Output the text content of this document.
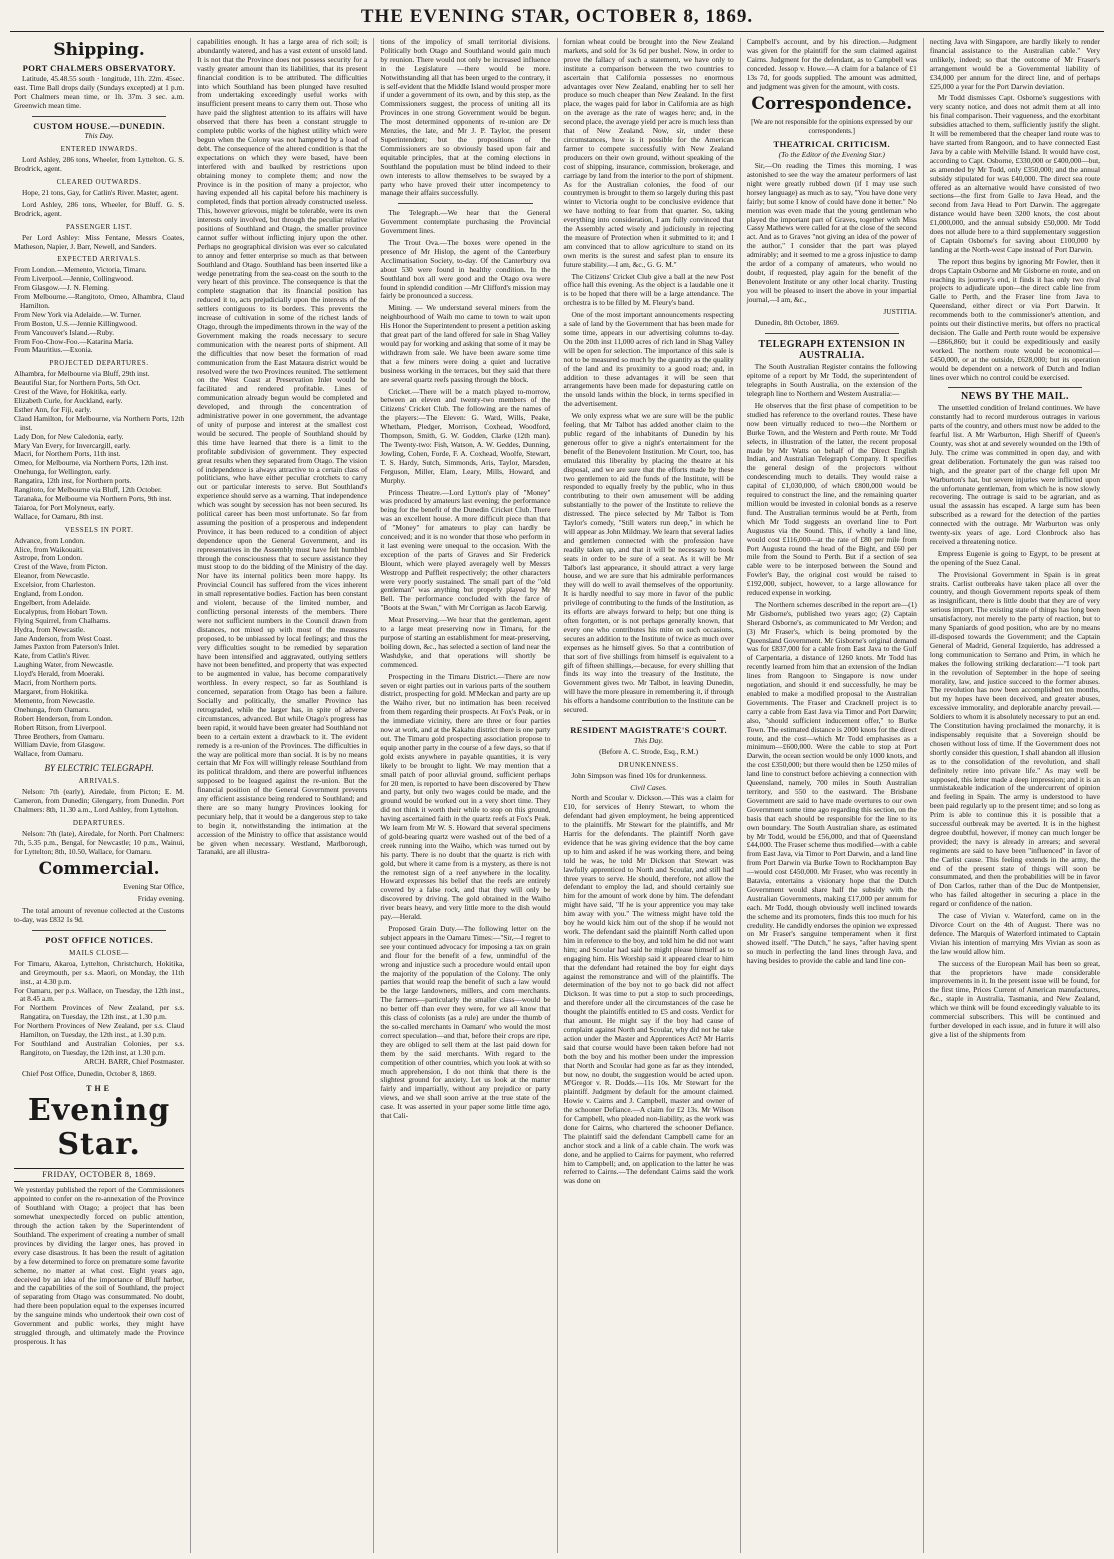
THE EVENING STAR, OCTOBER 8, 1869.
Shipping.
PORT CHALMERS OBSERVATORY.

Latitude, 45.48.55 south · longitude, 11h. 22m. 45sec. east. Time Ball drops daily (Sundays excepted) at 1 p.m. Port Chalmers mean time, or 1h. 37m. 3 sec. a.m. Greenwich mean time.

CUSTOM HOUSE.—DUNEDIN.
This Day.
ENTERED INWARDS.

Lord Ashley, 286 tons, Wheeler, from Lyttelton. G. S. Brodrick, agent.

CLEARED OUTWARDS.

Hope, 21 tons, Gay, for Catlin's River. Master, agent.

Lord Ashley, 286 tons, Wheeler, for Bluff. G. S. Brodrick, agent.

PASSENGER LIST.

Per Lord Ashley: Miss Fentane, Messrs Coates, Matheson, Napier, J. Barr, Newell, and Sanders.

EXPECTED ARRIVALS.

From London.—Memento, Victoria, Timaru.

From Liverpool.—Jennie, Collingwood.

From Glasgow.—J. N. Fleming.

From Melbourne.—Rangitoto, Omeo, Alhambra, Claud Hamilton.

From New York via Adelaide.—W. Turner.

From Boston, U.S.—Jennie Killingwood.

From Vancouver's Island.—Ruby.

From Foo-Chow-Foo.—Katarina Maria.

From Mauritius.—Exonia.

PROJECTED DEPARTURES.

Alhambra, for Melbourne via Bluff, 29th inst.

Beautiful Star, for Northern Ports, 5th Oct.

Crest of the Wave, for Hokitika, early.

Elizabeth Curle, for Auckland, early.

Esther Ann, for Fiji, early.

Claud Hamilton, for Melbourne, via Northern Ports, 12th inst.

Lady Don, for New Caledonia, early.

Mary Van Every, for Invercargill, early.

Macri, for Northern Ports, 11th inst.

Omeo, for Melbourne, via Northern Ports, 12th inst.

Onehunga, for Wellington, early.

Rangatira, 12th inst, for Northern ports.

Rangitoto, for Melbourne via Bluff, 12th October.

Taranaka, for Melbourne via Northern Ports, 9th inst.

Taiaroa, for Port Molyneux, early.

Wallace, for Oamaru, 8th inst.

VESSELS IN PORT.

Advance, from London.

Alice, from Waikouaiti.

Astrope, from London.

Crest of the Wave, from Picton.

Eleanor, from Newcastle.

Excelsior, from Charleston.

England, from London.

Engelbert, from Adelaide.

Eucalyptus, from Hobart Town.

Flying Squirrel, from Chalhams.

Hydra, from Newcastle.

Jane Anderson, from West Coast.

James Paxton from Paterson's Inlet.

Kate, from Catlin's River.

Laughing Water, from Newcastle.

Lloyd's Herald, from Moeraki.

Macri, from Northern ports.

Margaret, from Hokitika.

Memento, from Newcastle.

Onehunga, from Oamaru.

Robert Henderson, from London.

Robert Ritson, from Liverpool.

Three Brothers, from Oamaru.

William Davie, from Glasgow.

Wallace, from Oamaru.

BY ELECTRIC TELEGRAPH.
ARRIVALS.

Nelson: 7th (early), Airedale, from Picton; E. M. Cameron, from Dunedin; Glengarry, from Dunedin. Port Chalmers: 8th, 11.30 a.m., Lord Ashley, from Lyttelton.

DEPARTURES.

Nelson: 7th (late), Airedale, for North. Port Chalmers: 7th, 5.35 p.m., Bengal, for Newcastle; 10 p.m., Wainui, for Lyttelton; 8th, 10.50, Wallace, for Oamaru.

Commercial.

Evening Star Office,

Friday evening.

The total amount of revenue collected at the Customs to-day, was £832 1s 9d.

POST OFFICE NOTICES.
MAILS CLOSE—

For Timaru, Akaroa, Lyttelton, Christchurch, Hokitika, and Greymouth, per s.s. Maori, on Monday, the 11th inst., at 4.30 p.m.

For Oamaru, per p.s. Wallace, on Tuesday, the 12th inst., at 8.45 a.m.

For Northern Provinces of New Zealand, per s.s. Rangatira, on Tuesday, the 12th inst., at 1.30 p.m.

For Northern Provinces of New Zealand, per s.s. Claud Hamilton, on Tuesday, the 12th inst., at 1.30 p.m.

For Southland and Australian Colonies, per s.s. Rangitoto, on Tuesday, the 12th inst, at 1.30 p.m.

ARCH. BARR, Chief Postmaster.

Chief Post Office, Dunedin, October 8, 1869.

THE
Evening Star.
FRIDAY, OCTOBER 8, 1869.

We yesterday published the report of the Commissioners appointed to confer on the re-annexation of the Province of Southland with Otago; a project that has been somewhat unexpectedly forced on public attention, through the action taken by the Superintendent of Southland. The experiment of creating a number of small provinces by dividing the larger ones, has proved in every case disastrous. It has been the result of agitation by a few determined to force on premature some favorite scheme, no matter at what cost. Eight years ago, deceived by an idea of the importance of Bluff harbor, and the capabilities of the soil of Southland, the project of separating from Otago was consummated. No doubt, had there been population equal to the expenses incurred by the sanguine minds who undertook their own cost of Government and public works, they might have struggled through, and ultimately made the Province prosperous. It has

capabilities enough. It has a large area of rich soil; is abundantly watered, and has a vast extent of unsold land. It is not that the Province does not possess security for a vastly greater amount than its liabilities, that its present financial condition is to be attributed. The difficulties into which Southland has been plunged have resulted from undertaking exceedingly useful works with insufficient present means to carry them out. Those who have paid the slightest attention to its affairs will have observed that there has been a constant struggle to complete public works of the highest utility which were begun when the Colony was not hampered by a load of debt. The consequence of the altered condition is that the expectations on which they were based, have been interfered with and baulked by restrictions upon obtaining money to complete them; and now the Province is in the position of many a projector, who having expended all his capital before his machinery is completed, finds that portion already constructed useless. This, however grievous, might be tolerable, were its own interests only involved, but through the peculiar relative positions of Southland and Otago, the smaller province cannot suffer without inflicting injury upon the other. Perhaps no geographical division was ever so calculated to annoy and fetter enterprise so much as that between Southland and Otago. Southland has been inserted like a wedge penetrating from the sea-coast on the south to the very heart of this province. The consequence is that the complete stagnation that its financial position has reduced it to, acts prejudicially upon the interests of the settlers contiguous to its borders. This prevents the increase of cultivation in some of the richest lands of Otago, through the impediments thrown in the way of the Government making the roads necessary to secure communication with the nearest ports of shipment. All the difficulties that now beset the formation of road communication from the East Mataura district would be resolved were the two Provinces reunited. The settlement on the West Coast at Preservation Inlet would be facilitated and rendered profitable. Lines of communication already begun would be completed and developed, and through the concentration of administrative power in one government, the advantage of unity of purpose and interest at the smallest cost would be secured. The people of Southland should by this time have learned that there is a limit to the profitable subdivision of government. They expected great results when they separated from Otago. The vision of independence is always attractive to a certain class of politicians, who have either peculiar crotchets to carry out or particular interests to serve. But Southland's experience should serve as a warning. That independence which was sought by secession has not been secured. Its political career has been most unfortunate. So far from assuming the position of a prosperous and independent Province, it has been reduced to a condition of abject dependence upon the General Government, and its representatives in the Assembly must have felt humbled through the consciousness that to secure assistance they must stoop to do the bidding of the Ministry of the day. Nor have its internal politics been more happy. Its Provincial Council has suffered from the vices inherent in small representative bodies. Faction has been constant and violent, because of the limited number, and conflicting personal interests of the members. There were not sufficient numbers in the Council drawn from distances, not mixed up with most of the measures proposed, to be unbiassed by local feelings; and thus the very difficulties sought to be remedied by separation have been intensified and aggravated, outlying settlers have not been benefitted, and property that was expected to be augmented in value, has become comparatively worthless. In every respect, so far as Southland is concerned, separation from Otago has been a failure. Socially and politically, the smaller Province has retrograded, while the larger has, in spite of adverse circumstances, advanced. But while Otago's progress has been rapid, it would have been greater had Southland not been to a certain extent a drawback to it. The evident remedy is a re-union of the Provinces. The difficulties in the way are political more than social. It is by no means certain that Mr Fox will willingly release Southland from its political thraldom, and there are powerful influences supposed to be leagued against the re-union. But the financial position of the General Government prevents any efficient assistance being rendered to Southland; and there are so many hungry Provinces looking for pecuniary help, that it would be a dangerous step to take to begin it, notwithstanding the intimation at the accession of the Ministry to office that assistance would be given when necessary. Westland, Marlborough, Taranaki, are all illustra-

tions of the impolicy of small territorial divisions. Politically both Otago and Southland would gain much by reunion. There would not only be increased influence in the Legislature —there would be more. Notwithstanding all that has been urged to the contrary, it is self-evident that the Middle Island would prosper more if under a government of its own, and by this step, as the Commissioners suggest, the process of uniting all its Provinces in one strong Government would be begun. The most determined opponents of re-union are Dr Menzies, the late, and Mr J. P. Taylor, the present Superintendent; but the propositions of the Commissioners are so obviously based upon fair and equitable principles, that at the coming elections in Southland the population must be blind indeed to their own interests to allow themselves to be swayed by a party who have proved their utter incompetency to manage their affairs successfully.

The Telegraph.—We hear that the General Government contemplate purchasing the Provincial Government lines.

The Trout Ova.—The boxes were opened in the presence of Mr Hislop, the agent of the Canterbury Acclimatisation Society, to-day. Of the Canterbury ova about 530 were found in healthy condition. In the Southland box all were good and the Otago ova were found in splendid condition —Mr Clifford's mission may fairly be pronounced a success.

Mining. — We understand several miners from the neighbourhood of Waih mo came to town to wait upon His Honor the Superintendent to present a petition asking that great part of the land offered for sale in Shag Valley would pay for working and asking that some of it may be withdrawn from sale. We have been aware some time that a few miners were doing a quiet and lucrative business working in the terraces, but they said that there are several quartz reefs passing through the block.

Cricket.—There will be a match played to-morrow, between an eleven and twenty-two members of the Citizens' Cricket Club. The following are the names of the players:—The Eleven: G. Ward, Wills, Peake, Whetham, Pledger, Morrison, Coxhead, Woodford, Thompson, Smith, G. W. Godden, Clarke (12th man). The Twenty-two: Fish, Watson, A. W. Geddes, Dunning, Jowling, Cohen, Forde, F. A. Coxhead, Woolfe, Stewart, T. S. Hardy, Sutch, Simmonds, Aris, Taylor, Marsden, Ferguson, Miller, Elam, Leary, Mills, Howard, and Murphy.

Princess Theatre.—Lord Lytton's play of "Money" was produced by amateurs last evening; the performance being for the benefit of the Dunedin Cricket Club. There was an excellent house. A more difficult piece than that of "Money" for amateurs to play can hardly be conceived; and it is no wonder that those who perform in it last evening were unequal to the occasion. With the exception of the parts of Graves and Sir Frederick Blount, which were played averagely well by Messrs Westropp and Puffleit respectively; the other characters were very poorly sustained. The small part of the "old gentleman" was anything but properly played by Mr Bell. The performance concluded with the farce of "Boots at the Swan," with Mr Corrigan as Jacob Earwig.

Meat Preserving.—We hear that the gentleman, agent to a large meat preserving now in Timaru, for the purpose of starting an establishment for meat-preserving, boiling down, &c., has selected a section of land near the Washdyke, and that operations will shortly be commenced.

Prospecting in the Timaru District.—There are now seven or eight parties out in various parts of the southern district, prospecting for gold. M'Meckan and party are up the Waiho river, but no intimation has been received from them regarding their prospects. At Fox's Peak, or in the immediate vicinity, there are three or four parties now at work, and at the Kakahu district there is one party out. The Timaru gold prospecting association propose to equip another party in the course of a few days, so that if gold exists anywhere in payable quantities, it is very likely to be brought to light. We may mention that a small patch of poor alluvial ground, sufficient perhaps for 20 men, is reported to have been discovered by Thew and party, but only two wages could be made, and the ground would be worked out in a very short time. They did not think it worth their while to stop on this ground, having ascertained faith in the quartz reefs at Fox's Peak. We learn from Mr W. S. Howard that several specimens of gold-bearing quartz were washed out of the bed of a creek running into the Waiho, which was turned out by his party. There is no doubt that the quartz is rich with gold, but where it came from is a mystery, as there is not the remotest sign of a reef anywhere in the locality. Howard expresses his belief that the reefs are entirely covered by a false rock, and that they will only be discovered by driving. The gold obtained in the Waiho river bears heavy, and very little more to the dish would pay.—Herald.

Proposed Grain Duty.—The following letter on the subject appears in the Oamaru Times:—"Sir,—I regret to see your continued advocacy for imposing a tax on grain and flour for the benefit of a few, unmindful of the wrong and injustice such a procedure would entail upon the majority of the population of the Colony. The only parties that would reap the benefit of such a law would be the large landowners, millers, and corn merchants. The farmers—particularly the smaller class—would be no better off than ever they were, for we all know that this class of colonists (as a rule) are under the thumb of the so-called merchants in Oamaru' who would the most correct speculation—and that, before their crops are ripe, they are obliged to sell them at the last paid down for them by the said merchants. With regard to the competition of other countries, which you look at with so much apprehension, I do not think that there is the slightest ground for anxiety. Let us look at the matter fairly and impartially, without any prejudice or party views, and we shall soon arrive at the true state of the case. It was asserted in your paper some little time ago, that Cali-

fornian wheat could be brought into the New Zealand markets, and sold for 3s 6d per bushel. Now, in order to prove the fallacy of such a statement, we have only to institute a comparison between the two countries to ascertain that California possesses no enormous advantages over New Zealand, enabling her to sell her produce so much cheaper than New Zealand. In the first place, the wages paid for labor in California are as high on the average as the rate of wages here; and, in the second place, the average yield per acre is much less than that of New Zealand. Now, sir, under these circumstances, how is it possible for the American farmer to compete successfully with New Zealand producers on their own ground, without speaking of the cost of shipping, insurance, commission, brokerage, and carriage by land from the interior to the port of shipment. As for the Australian colonies, the food of our countrymen is brought to them so largely during this past winter to Victoria ought to be conclusive evidence that we have nothing to fear from that quarter. So, taking everything into consideration, I am fully convinced that the Assembly acted wisely and judiciously in rejecting the measure of Protection when it submitted to it; and I am convinced that to allow agriculture to stand on its own merits is the surest and safest plan to ensure its future stability.—I am, &c., G. G. M."

The Citizens' Cricket Club give a ball at the new Post office hall this evening. As the object is a laudable one it is to be hoped that there will be a large attendance. The orchestra is to be filled by M. Fleury's band.

One of the most important announcements respecting a sale of land by the Government that has been made for some time, appears in our advertising columns to-day. On the 20th inst 11,000 acres of rich land in Shag Valley will be open for selection. The importance of this sale is not to be measured so much by the quantity as the quality of the land and its proximity to a good road; and, in addition to these advantages it will be seen that arrangements have been made for depasturing cattle on the unsold lands within the block, in terms specified in the advertisement.

We only express what we are sure will be the public feeling, that Mr Talbot has added another claim to the public regard of the inhabitants of Dunedin by his generous offer to give a night's entertainment for the benefit of the Benevolent Institution. Mr Court, too, has emulated this liberality by placing the theatre at his disposal, and we are sure that the efforts made by these two gentlemen to aid the funds of the Institute, will be responded to equally freely by the public, who in thus contributing to their own amusement will be adding substantially to the power of the Institute to relieve the distressed. The piece selected by Mr Talbot is Tom Taylor's comedy, "Still waters run deep," in which he will appear as John Mildmay. We learn that several ladies and gentlemen connected with the profession have readily taken up, and that it will be necessary to book seats in order to be sure of a seat. As it will be Mr Talbot's last appearance, it should attract a very large house, and we are sure that his admirable performances they will do well to avail themselves of the opportunity. It is hardly needful to say more in favor of the public privilege of contributing to the funds of the Institution, as its efforts are always forward to help; but one thing is often forgotten, or is not perhaps generally known, that every one who contributes his mite on such occasions, secures an addition to the Institute of twice as much over expenses as he himself gives. So that a contribution of that sort of five shillings from himself is equivalent to a gift of fifteen shillings,—because, for every shilling that finds its way into the treasury of the Institute, the Government gives two. Mr Talbot, in leaving Dunedin, will have the more pleasure in remembering it, if through his efforts a handsome contribution to the Institute can be secured.

RESIDENT MAGISTRATE'S COURT.
This Day.

(Before A. C. Strode, Esq., R.M.)

DRUNKENNESS.

John Simpson was fined 10s for drunkenness.

Civil Cases.

North and Scoular v. Dickson.—This was a claim for £10, for services of Henry Stewart, to whom the defendant had given employment, he being apprenticed to the plaintiffs. Mr Stewart for the plaintiffs, and Mr Harris for the defendants. The plaintiff North gave evidence that he was giving evidence that the boy came up to him and asked if he was working there, and being told he was, he told Mr Dickson that Stewart was lawfully apprenticed to North and Scoular, and still had three years to serve. He should, therefore, not allow the defendant to employ the lad, and should certainly sue him for the amount of work done by him. The defendant might have said, "If he is your apprentice you may take him away with you." The witness might have told the boy he would kick him out of the shop if he would not work. The defendant said the plaintiff North called upon him in reference to the boy, and told him he did not want him; and Scoular had said he might please himself as to engaging him. His Worship said it appeared clear to him that the defendant had retained the boy for eight days against the remonstrance and will of the plaintiffs. The determination of the boy not to go back did not affect Dickson. It was time to put a stop to such proceedings, and therefore under all the circumstances of the case he thought the plaintiffs entitled to £5 and costs. Verdict for that amount. He might say if the boy had cause of complaint against North and Scoular, why did not he take action under the Master and Apprentices Act? Mr Harris said that course would have been taken before had not both the boy and his mother been under the impression that North and Scoular had gone as far as they intended, but now, no doubt, the suggestion would be acted upon. M'Gregor v. R. Dodds.—11s 10s. Mr Stewart for the plaintiff. Judgment by default for the amount claimed. Howie v. Cairns and J. Campbell, master and owner of the schooner Defiance.—A claim for £2 13s. Mr Wilson for Campbell, who pleaded non-liability, as the work was done for Cairns, who chartered the schooner Defiance. The plaintiff said the defendant Campbell came for an anchor stock and a link of a cable chain. The work was done, and he applied to Cairns for payment, who referred him to Campbell; and, on application to the latter he was referred to Cairns.—The defendant Cairns said the work was done on

Campbell's account, and by his direction.—Judgment was given for the plaintiff for the sum claimed against Cairns. Judgment for the defendant, as to Campbell was conceded. Jessop v. Howe.—A claim for a balance of £1 13s 7d, for goods supplied. The amount was admitted, and judgment was given for the amount, with costs.

Correspondence.

[We are not responsible for the opinions expressed by our correspondents.]

THEATRICAL CRITICISM.
(To the Editor of the Evening Star.)

Sir,—On reading the Times this morning, I was astonished to see the way the amateur performers of last night were greatly rubbed down (if I may use such horsey language) as much as to say, "You have done very fairly; but some I know of could have done it better." No mention was even made that the young gentleman who played the important part of Graves, together with Miss Cassy Mathews were called for at the close of the second act. And as to Graves "not giving an idea of the power of the author," I consider that the part was played admirably; and it seemed to me a gross injustice to damp the ardor of a company of amateurs, who would no doubt, if requested, play again for the benefit of the Benevolent Institute or any other local charity. Trusting you will be pleased to insert the above in your impartial journal,—I am, &c.,

JUSTITIA.

Dunedin, 8th October, 1869.

TELEGRAPH EXTENSION IN AUSTRALIA.

The South Australian Register contains the following epitome of a report by Mr Todd, the superintendent of telegraphs in South Australia, on the extension of the telegraph line to Northern and Western Australia:—

He observes that the first phase of competition to be studied has reference to the overland routes. These have now been virtually reduced to two—the Northern or Burke Town, and the Western and Perth route. Mr Todd selects, in illustration of the latter, the recent proposal made by Mr Watts on behalf of the Direct English Indian, and Australian Telegraph Company. It specifies the general design of the projectors without condescending much to details. They would raise a capital of £1,030,000, of which £800,000 would be required to construct the line, and the remaining quarter million would be invested in colonial bonds as a reserve fund. The Australian terminus would be at Perth, from which Mr Todd suggests an overland line to Port Augustus via the Sound. This, if wholly a land line, would cost £116,000—at the rate of £80 per mile from Port Augusta round the head of the Bight, and £60 per mile from the Sound to Perth. But if a section of sea cable were to be interposed between the Sound and Fowler's Bay, the original cost would be raised to £192,000, subject, however, to a large allowance for reduced expense in working.

The Northern schemes described in the report are—(1) Mr Gisborne's, published two years ago; (2) Captain Sherard Osborne's, as communicated to Mr Verdon; and (3) Mr Fraser's, which is being promoted by the Queensland Government. Mr Gisborne's original demand was for £837,000 for a cable from East Java to the Gulf of Carpentaria, a distance of 1260 knots. Mr Todd has recently learned from him that an extension of the Indian lines from Rangoon to Singapore is now under negotiation, and should it end successfully, he may be enabled to make a modified proposal to the Australian Governments. The Fraser and Cracknell project is to carry a cable from East Java via Timor and Port Darwin; also, "should sufficient inducement offer," to Burke Town. The estimated distance is 2000 knots for the direct route, and the cost—which Mr Todd emphasises as a minimum—£600,000. Were the cable to stop at Port Darwin, the ocean section would be only 1000 knots, and the cost £350,000; but there would then be 1250 miles of land line to construct before achieving a connection with Queensland, namely, 700 miles in South Australian territory, and 550 to the eastward. The Brisbane Government are said to have made overtures to our own Government some time ago regarding this section, on the basis that each should be responsible for the line to its own boundary. The South Australian share, as estimated by Mr Todd, would be £56,000, and that of Queensland £44,000. The Fraser scheme thus modified—with a cable from East Java, via Timor to Port Darwin, and a land line from Port Darwin via Burke Town to Rockhampton Bay—would cost £450,000. Mr Fraser, who was recently in Batavia, entertains a visionary hope that the Dutch Government would share half the subsidy with the Australian Governments, making £17,000 per annum for each. Mr Todd, though obviously well inclined towards the scheme and its promoters, finds this too much for his credulity. He candidly endorses the opinion we expressed on Mr Fraser's sanguine temperament when it first showed itself. "The Dutch," he says, "after having spent so much in perfecting the land lines through Java, and having besides to provide the cable and land line con-

necting Java with Singapore, are hardly likely to render financial assistance to the Australian cable." Very unlikely, indeed; so that the outcome of Mr Fraser's arrangement would be a Governmental liability of £34,000 per annum for the direct line, and of perhaps £25,000 a year for the Port Darwin deviation.

Mr Todd dismisses Capt. Osborne's suggestions with very scanty notice, and does not admit them at all into his final comparison. Their vagueness, and the exorbitant subsidies attached to them, sufficiently justify the slight. It will be remembered that the cheaper land route was to have started from Rangoon, and to have connected East Java by a cable with Melville Island. It would have cost, according to Capt. Osborne, £330,000 or £400,000—but, as amended by Mr Todd, only £350,000; and the annual subsidy stipulated for was £40,000. The direct sea route offered as an alternative would have consisted of two sections—the first from Galle to Java Head, and the second from Java Head to Port Darwin. The aggregate distance would have been 3200 knots, the cost about £1,000,000, and the annual subsidy £50,000. Mr Todd does not allude here to a third supplementary suggestion of Captain Osborne's for saving about £100,000 by landing at the North-west Cape instead of Port Darwin.

The report thus begins by ignoring Mr Fowler, then it drops Captain Osborne and Mr Gisborne en route, and on reaching its journey's end, it finds it has only two rival projects to adjudicate upon—the direct cable line from Galle to Perth, and the Fraser line from Java to Queensland, either direct or via Port Darwin. It recommends both to the commissioner's attention, and points out their distinctive merits, but offers no practical decision. The Galle and Perth route would be expensive—£866,860; but it could be expeditiously and easily worked. The northern route would be economical—£450,000, or at the outside, £628,000; but its operation would be dependent on a network of Dutch and Indian lines over which no control could be exercised.

NEWS BY THE MAIL.

The unsettled condition of Ireland continues. We have constantly had to record murderous outrages in various parts of the country, and others must now be added to the fearful list. A Mr Warburton, High Sheriff of Queen's County, was shot at and severely wounded on the 19th of July. The crime was committed in open day, and with great deliberation. Fortunately the gun was raised too high, and the greater part of the charge fell upon Mr Warburton's hat, but severe injuries were inflicted upon the unfortunate gentleman, from which he is now slowly recovering. The outrage is said to be agrarian, and as usual the assassin has escaped. A large sum has been subscribed as a reward for the detection of the parties connected with the outrage. Mr Warburton was only twenty-six years of age. Lord Clonbrock also has received a threatening notice.

Empress Eugenie is going to Egypt, to be present at the opening of the Suez Canal.

The Provisional Government in Spain is in great straits. Carlist outbreaks have taken place all over the country, and though Government reports speak of them as insignificant, there is little doubt that they are of very serious import. The existing state of things has long been unsatisfactory, not merely to the party of reaction, but to many Spaniards of good position, who are by no means ill-disposed towards the Government; and the Captain General of Madrid, General Izquierdo, has addressed a long communication to Serrano and Prim, in which he makes the following striking declaration:—"I took part in the revolution of September in the hope of seeing morality, law, and justice succeed to the former abuses. The revolution has now been accomplished ten months, but my hopes have been deceived, and greater abuses, excessive immorality, and deplorable anarchy prevail.—Soldiers to whom it is absolutely necessary to put an end. The Constitution having proclaimed the monarchy, it is indispensably requisite that a Sovereign should be chosen without loss of time. If the Government does not shortly consider this question, I shall abandon all illusion as to the consolidation of the revolution, and shall definitely retire into private life." As may well be supposed, this letter made a deep impression; and it is an unmistakeable indication of the undercurrent of opinion and feeling in Spain. The army is understood to have been paid regularly up to the present time; and so long as Prim is able to continue this it is possible that a successful outbreak may be averted. It is in the highest degree doubtful, however, if money can much longer be provided; the navy is already in arrears; and several regiments are said to have been "influenced" in favor of the Carlist cause. This feeling extends in the army, the end of the present state of things will soon be consummated, and then the probabilities will be in favor of Don Carlos, rather than of the Duc de Montpensier, who has failed altogether in securing a place in the regard or confidence of the nation.

The case of Vivian v. Waterford, came on in the Divorce Court on the 4th of August. There was no defence. The Marquis of Waterford intimated to Captain Vivian his intention of marrying Mrs Vivian as soon as the law would allow him.

The success of the European Mail has been so great, that the proprietors have made considerable improvements in it. In the present issue will be found, for the first time, Prices Current of American manufactures, &c., staple in Australia, Tasmania, and New Zealand, which we think will be found exceedingly valuable to its commercial subscribers. This will be continued and further developed in each issue, and in future it will also give a list of the shipments from
